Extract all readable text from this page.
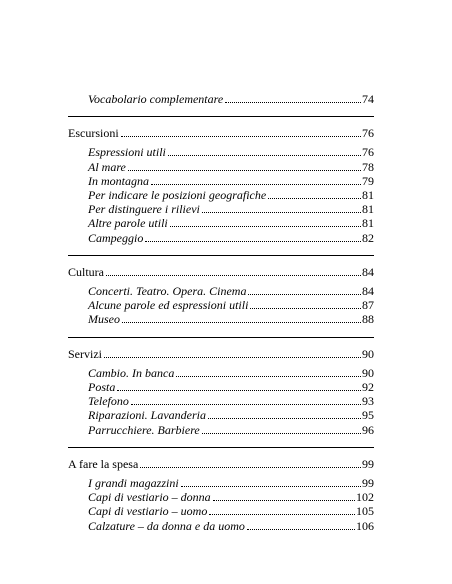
Vocabolario complementare	74
Escursioni	76
Espressioni utili	76
Al mare	78
In montagna	79
Per indicare le posizioni geografiche	81
Per distinguere i rilievi	81
Altre parole utili	81
Campeggio	82
Cultura	84
Concerti. Teatro. Opera. Cinema	84
Alcune parole ed espressioni utili	87
Museo	88
Servizi	90
Cambio. In banca	90
Posta	92
Telefono	93
Riparazioni. Lavanderia	95
Parrucchiere. Barbiere	96
A fare la spesa	99
I grandi magazzini	99
Capi di vestiario – donna	102
Capi di vestiario – uomo	105
Calzature – da donna e da uomo	106
